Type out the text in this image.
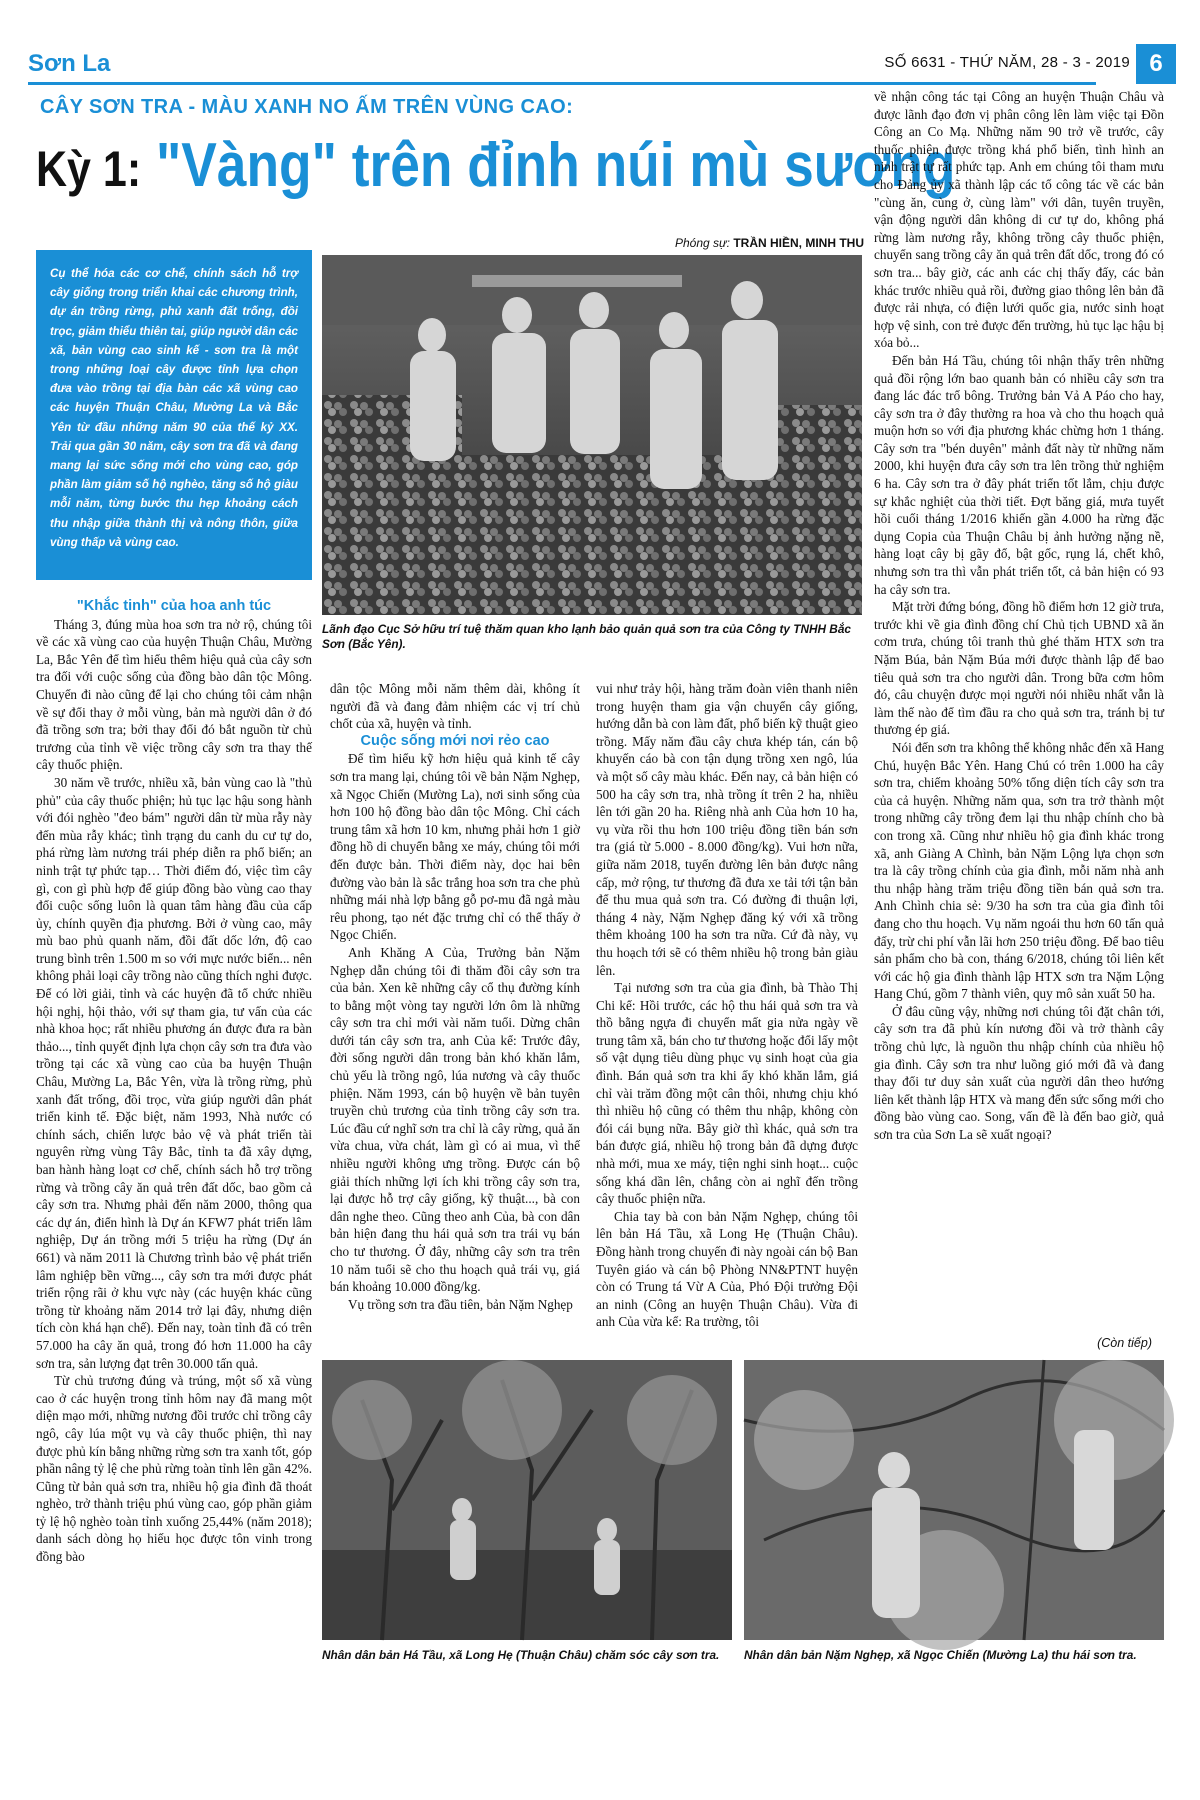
Sơn La	SỐ 6631 - THỨ NĂM, 28 - 3 - 2019 6
CÂY SƠN TRA - MÀU XANH NO ẤM TRÊN VÙNG CAO:
Kỳ 1: "Vàng" trên đỉnh núi mù sương
Phóng sự: TRẦN HIỀN, MINH THU

Cụ thể hóa các cơ chế, chính sách hỗ trợ cây giống trong triển khai các chương trình, dự án trồng rừng, phủ xanh đất trống, đồi trọc, giảm thiểu thiên tai, giúp người dân các xã, bản vùng cao sinh kế - sơn tra là một trong những loại cây được tỉnh lựa chọn đưa vào trồng tại địa bàn các xã vùng cao các huyện Thuận Châu, Mường La và Bắc Yên từ đầu những năm 90 của thế kỷ XX. Trải qua gần 30 năm, cây sơn tra đã và đang mang lại sức sống mới cho vùng cao, góp phần làm giảm số hộ nghèo, tăng số hộ giàu mỗi năm, từng bước thu hẹp khoảng cách thu nhập giữa thành thị và nông thôn, giữa vùng thấp và vùng cao.

Lãnh đạo Cục Sở hữu trí tuệ thăm quan kho lạnh bảo quản quả sơn tra của Công ty TNHH Bắc Sơn (Bắc Yên).

"Khắc tinh" của hoa anh túc

Tháng 3, đúng mùa hoa sơn tra nở rộ, chúng tôi về các xã vùng cao của huyện Thuận Châu, Mường La, Bắc Yên để tìm hiểu thêm hiệu quả của cây sơn tra đối với cuộc sống của đồng bào dân tộc Mông. Chuyến đi nào cũng để lại cho chúng tôi cảm nhận về sự đổi thay ở mỗi vùng, bản mà người dân ở đó đã trồng sơn tra; bởi thay đổi đó bắt nguồn từ chủ trương của tỉnh về việc trồng cây sơn tra thay thế cây thuốc phiện.

30 năm về trước, nhiều xã, bản vùng cao là "thủ phủ" của cây thuốc phiện; hủ tục lạc hậu song hành với đói nghèo "đeo bám" người dân từ mùa rẫy này đến mùa rẫy khác; tình trạng du canh du cư tự do, phá rừng làm nương trái phép diễn ra phổ biến; an ninh trật tự phức tạp… Thời điểm đó, việc tìm cây gì, con gì phù hợp để giúp đồng bào vùng cao thay đổi cuộc sống luôn là quan tâm hàng đầu của cấp ủy, chính quyền địa phương. Bởi ở vùng cao, mây mù bao phủ quanh năm, đồi đất dốc lớn, độ cao trung bình trên 1.500 m so với mực nước biển... nên không phải loại cây trồng nào cũng thích nghi được. Để có lời giải, tỉnh và các huyện đã tổ chức nhiều hội nghị, hội thảo, với sự tham gia, tư vấn của các nhà khoa học; rất nhiều phương án được đưa ra bàn thảo..., tỉnh quyết định lựa chọn cây sơn tra đưa vào trồng tại các xã vùng cao của ba huyện Thuận Châu, Mường La, Bắc Yên, vừa là trồng rừng, phủ xanh đất trống, đồi trọc, vừa giúp người dân phát triển kinh tế. Đặc biệt, năm 1993, Nhà nước có chính sách, chiến lược bảo vệ và phát triển tài nguyên rừng vùng Tây Bắc, tỉnh ta đã xây dựng, ban hành hàng loạt cơ chế, chính sách hỗ trợ trồng rừng và trồng cây ăn quả trên đất dốc, bao gồm cả cây sơn tra. Nhưng phải đến năm 2000, thông qua các dự án, điển hình là Dự án KFW7 phát triển lâm nghiệp, Dự án trồng mới 5 triệu ha rừng (Dự án 661) và năm 2011 là Chương trình bảo vệ phát triển lâm nghiệp bền vững..., cây sơn tra mới được phát triển rộng rãi ở khu vực này (các huyện khác cũng trồng từ khoảng năm 2014 trở lại đây, nhưng diện tích còn khá hạn chế). Đến nay, toàn tỉnh đã có trên 57.000 ha cây ăn quả, trong đó hơn 11.000 ha cây sơn tra, sản lượng đạt trên 30.000 tấn quả.

Từ chủ trương đúng và trúng, một số xã vùng cao ở các huyện trong tỉnh hôm nay đã mang một diện mạo mới, những nương đồi trước chỉ trồng cây ngô, cây lúa một vụ và cây thuốc phiện, thì nay được phủ kín bằng những rừng sơn tra xanh tốt, góp phần nâng tỷ lệ che phủ rừng toàn tỉnh lên gần 42%. Cũng từ bản quả sơn tra, nhiều hộ gia đình đã thoát nghèo, trở thành triệu phú vùng cao, góp phần giảm tỷ lệ hộ nghèo toàn tỉnh xuống 25,44% (năm 2018); danh sách dòng họ hiếu học được tôn vinh trong đồng bào

dân tộc Mông mỗi năm thêm dài, không ít người đã và đang đảm nhiệm các vị trí chủ chốt của xã, huyện và tỉnh.

Cuộc sống mới nơi rẻo cao

Để tìm hiểu kỹ hơn hiệu quả kinh tế cây sơn tra mang lại, chúng tôi về bản Nặm Nghẹp, xã Ngọc Chiến (Mường La), nơi sinh sống của hơn 100 hộ đồng bào dân tộc Mông. Chỉ cách trung tâm xã hơn 10 km, nhưng phải hơn 1 giờ đồng hồ di chuyển bằng xe máy, chúng tôi mới đến được bản. Thời điểm này, dọc hai bên đường vào bản là sắc trắng hoa sơn tra che phủ những mái nhà lợp bằng gỗ pơ-mu đã ngả màu rêu phong, tạo nét đặc trưng chỉ có thể thấy ở Ngọc Chiến.

Anh Khăng A Của, Trưởng bản Nặm Nghẹp dẫn chúng tôi đi thăm đồi cây sơn tra của bản. Xen kẽ những cây cổ thụ đường kính to bằng một vòng tay người lớn ôm là những cây sơn tra chỉ mới vài năm tuổi. Dừng chân dưới tán cây sơn tra, anh Của kể: Trước đây, đời sống người dân trong bản khó khăn lắm, chủ yếu là trồng ngô, lúa nương và cây thuốc phiện. Năm 1993, cán bộ huyện về bản tuyên truyền chủ trương của tỉnh trồng cây sơn tra. Lúc đầu cứ nghĩ sơn tra chỉ là cây rừng, quả ăn vừa chua, vừa chát, làm gì có ai mua, vì thế nhiều người không ưng trồng. Được cán bộ giải thích những lợi ích khi trồng cây sơn tra, lại được hỗ trợ cây giống, kỹ thuật..., bà con dân nghe theo. Cũng theo anh Của, bà con dân bản hiện đang thu hái quả sơn tra trái vụ bán cho tư thương. Ở đây, những cây sơn tra trên 10 năm tuổi sẽ cho thu hoạch quả trái vụ, giá bán khoảng 10.000 đồng/kg.

Vụ trồng sơn tra đầu tiên, bản Nặm Nghẹp

vui như trảy hội, hàng trăm đoàn viên thanh niên trong huyện tham gia vận chuyển cây giống, hướng dẫn bà con làm đất, phổ biến kỹ thuật gieo trồng. Mấy năm đầu cây chưa khép tán, cán bộ khuyến cáo bà con tận dụng trồng xen ngô, lúa và một số cây màu khác. Đến nay, cả bản hiện có 500 ha cây sơn tra, nhà trồng ít trên 2 ha, nhiều lên tới gần 20 ha. Riêng nhà anh Của hơn 10 ha, vụ vừa rồi thu hơn 100 triệu đồng tiền bán sơn tra (giá từ 5.000 - 8.000 đồng/kg). Vui hơn nữa, giữa năm 2018, tuyến đường lên bản được nâng cấp, mở rộng, tư thương đã đưa xe tải tới tận bản để thu mua quả sơn tra. Có đường đi thuận lợi, tháng 4 này, Nặm Nghẹp đăng ký với xã trồng thêm khoảng 100 ha sơn tra nữa. Cứ đà này, vụ thu hoạch tới sẽ có thêm nhiều hộ trong bản giàu lên.

Tại nương sơn tra của gia đình, bà Thào Thị Chi kể: Hồi trước, các hộ thu hái quả sơn tra và thồ bằng ngựa đi chuyển mất gia nửa ngày về trung tâm xã, bán cho tư thương hoặc đổi lấy một số vật dụng tiêu dùng phục vụ sinh hoạt của gia đình. Bán quả sơn tra khi ấy khó khăn lắm, giá chỉ vài trăm đồng một cân thôi, nhưng chịu khó thì nhiều hộ cũng có thêm thu nhập, không còn đói cái bụng nữa. Bây giờ thì khác, quả sơn tra bán được giá, nhiều hộ trong bản đã dựng được nhà mới, mua xe máy, tiện nghi sinh hoạt... cuộc sống khá dần lên, chẳng còn ai nghĩ đến trồng cây thuốc phiện nữa.

Chia tay bà con bản Nặm Nghẹp, chúng tôi lên bản Há Tầu, xã Long Hẹ (Thuận Châu). Đồng hành trong chuyến đi này ngoài cán bộ Ban Tuyên giáo và cán bộ Phòng NN&PTNT huyện còn có Trung tá Vừ A Của, Phó Đội trưởng Đội an ninh (Công an huyện Thuận Châu). Vừa đi anh Của vừa kể: Ra trường, tôi

về nhận công tác tại Công an huyện Thuận Châu và được lãnh đạo đơn vị phân công lên làm việc tại Đồn Công an Co Mạ. Những năm 90 trở về trước, cây thuốc phiện được trồng khá phổ biến, tình hình an ninh trật tự rất phức tạp. Anh em chúng tôi tham mưu cho Đảng ủy xã thành lập các tổ công tác về các bản "cùng ăn, cùng ở, cùng làm" với dân, tuyên truyền, vận động người dân không di cư tự do, không phá rừng làm nương rẫy, không trồng cây thuốc phiện, chuyển sang trồng cây ăn quả trên đất dốc, trong đó có sơn tra... bây giờ, các anh các chị thấy đấy, các bản khác trước nhiều quả rồi, đường giao thông lên bản đã được rải nhựa, có điện lưới quốc gia, nước sinh hoạt hợp vệ sinh, con trẻ được đến trường, hủ tục lạc hậu bị xóa bỏ...

Đến bản Há Tầu, chúng tôi nhận thấy trên những quả đồi rộng lớn bao quanh bản có nhiều cây sơn tra đang lác đác trổ bông. Trưởng bản Vả A Páo cho hay, cây sơn tra ở đây thường ra hoa và cho thu hoạch quả muộn hơn so với địa phương khác chừng hơn 1 tháng. Cây sơn tra "bén duyên" mảnh đất này từ những năm 2000, khi huyện đưa cây sơn tra lên trồng thử nghiệm 6 ha. Cây sơn tra ở đây phát triển tốt lắm, chịu được sự khắc nghiệt của thời tiết. Đợt băng giá, mưa tuyết hồi cuối tháng 1/2016 khiến gần 4.000 ha rừng đặc dụng Copia của Thuận Châu bị ảnh hưởng nặng nề, hàng loạt cây bị gãy đổ, bật gốc, rụng lá, chết khô, nhưng sơn tra thì vẫn phát triển tốt, cả bản hiện có 93 ha cây sơn tra.

Mặt trời đứng bóng, đồng hồ điểm hơn 12 giờ trưa, trước khi về gia đình đồng chí Chủ tịch UBND xã ăn cơm trưa, chúng tôi tranh thủ ghé thăm HTX sơn tra Nặm Búa, bản Nặm Búa mới được thành lập để bao tiêu quả sơn tra cho người dân. Trong bữa cơm hôm đó, câu chuyện được mọi người nói nhiều nhất vẫn là làm thế nào để tìm đầu ra cho quả sơn tra, tránh bị tư thương ép giá.

Nói đến sơn tra không thể không nhắc đến xã Hang Chú, huyện Bắc Yên. Hang Chú có trên 1.000 ha cây sơn tra, chiếm khoảng 50% tổng diện tích cây sơn tra của cả huyện. Những năm qua, sơn tra trở thành một trong những cây trồng đem lại thu nhập chính cho bà con trong xã. Cũng như nhiều hộ gia đình khác trong xã, anh Giàng A Chình, bản Nặm Lộng lựa chọn sơn tra là cây trồng chính của gia đình, mỗi năm nhà anh thu nhập hàng trăm triệu đồng tiền bán quả sơn tra. Anh Chình chia sẻ: 9/30 ha sơn tra của gia đình tôi đang cho thu hoạch. Vụ năm ngoái thu hơn 60 tấn quả đấy, trừ chi phí vẫn lãi hơn 250 triệu đồng. Để bao tiêu sản phẩm cho bà con, tháng 6/2018, chúng tôi liên kết với các hộ gia đình thành lập HTX sơn tra Nặm Lộng Hang Chú, gồm 7 thành viên, quy mô sản xuất 50 ha.

Ở đâu cũng vậy, những nơi chúng tôi đặt chân tới, cây sơn tra đã phủ kín nương đồi và trở thành cây trồng chủ lực, là nguồn thu nhập chính của nhiều hộ gia đình. Cây sơn tra như luồng gió mới đã và đang thay đổi tư duy sản xuất của người dân theo hướng liên kết thành lập HTX và mang đến sức sống mới cho đồng bào vùng cao. Song, vấn đề là đến bao giờ, quả sơn tra của Sơn La sẽ xuất ngoại?

(Còn tiếp)
Nhân dân bản Há Tầu, xã Long Hẹ (Thuận Châu) chăm sóc cây sơn tra.	Nhân dân bản Nặm Nghẹp, xã Ngọc Chiến (Mường La) thu hái sơn tra.
